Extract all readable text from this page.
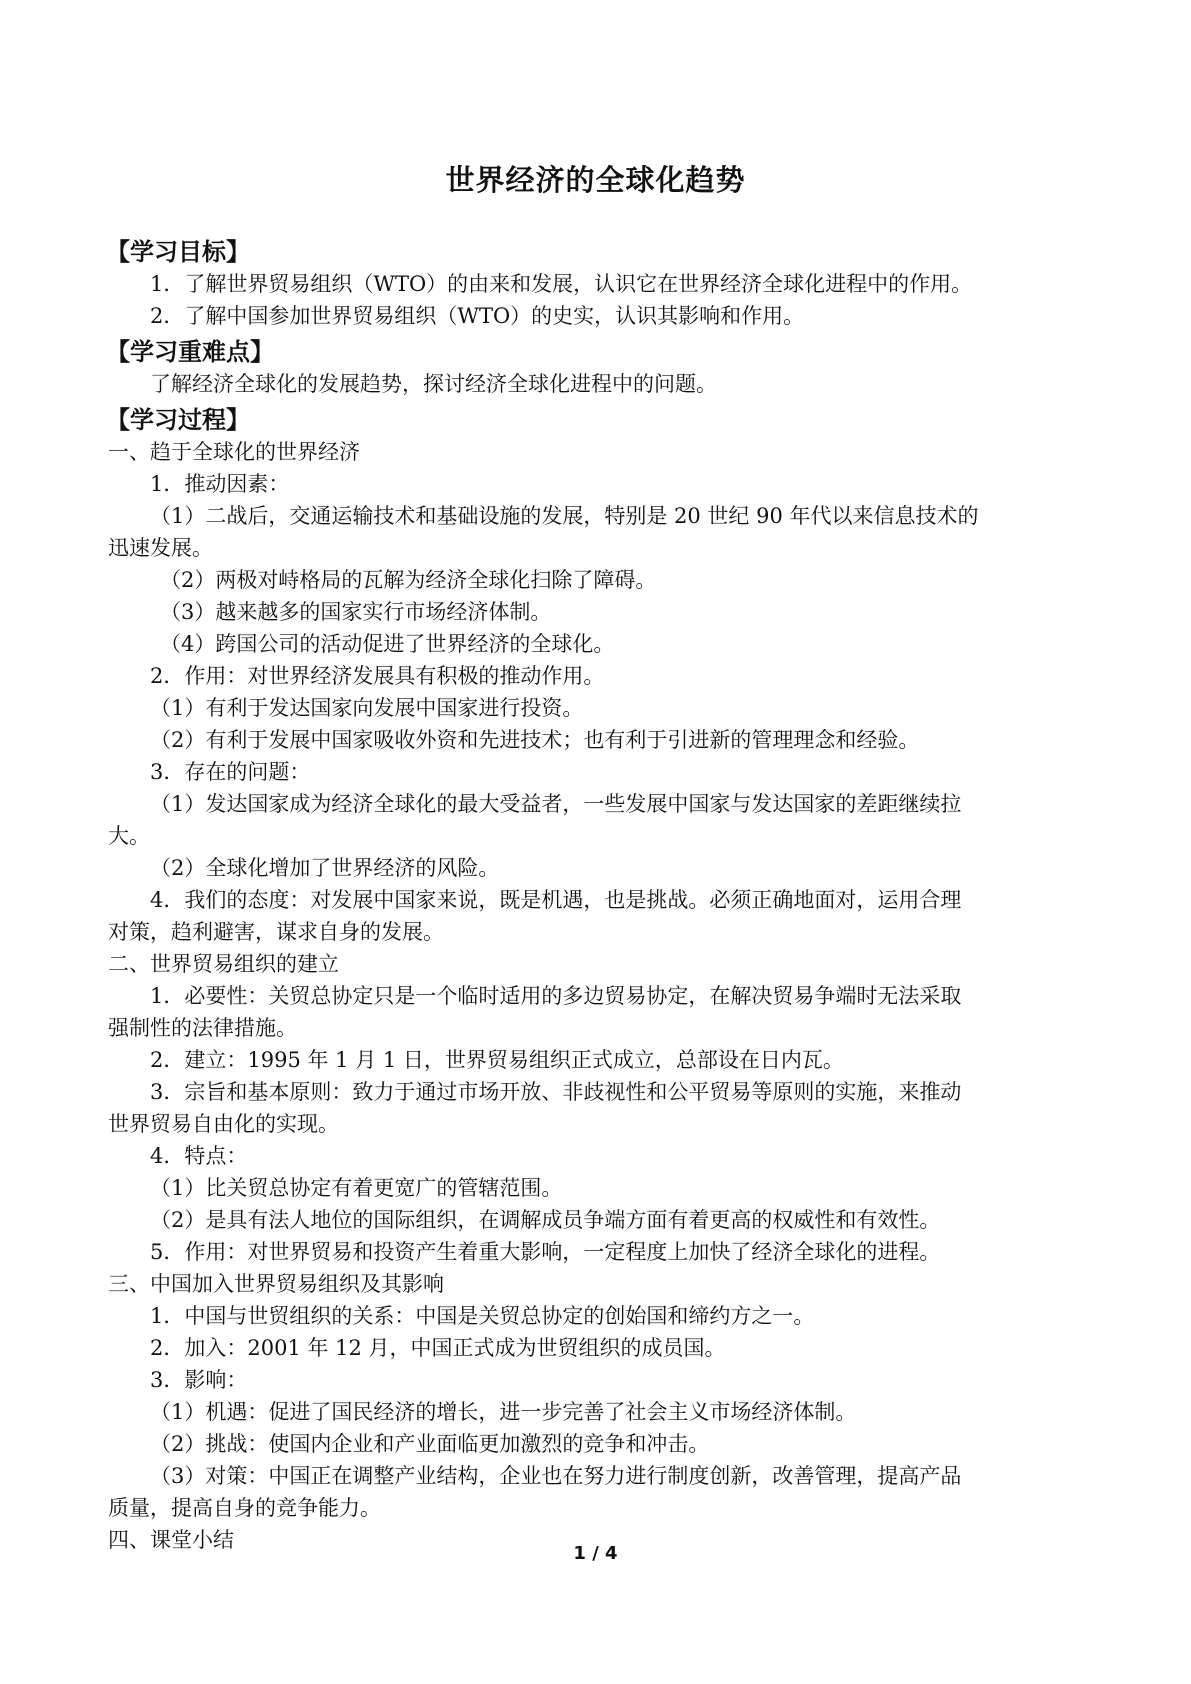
世界经济的全球化趋势
【学习目标】
1．了解世界贸易组织（WTO）的由来和发展，认识它在世界经济全球化进程中的作用。
2．了解中国参加世界贸易组织（WTO）的史实，认识其影响和作用。
【学习重难点】
了解经济全球化的发展趋势，探讨经济全球化进程中的问题。
【学习过程】
一、趋于全球化的世界经济
1．推动因素：
（1）二战后，交通运输技术和基础设施的发展，特别是 20 世纪 90 年代以来信息技术的
迅速发展。
（2）两极对峙格局的瓦解为经济全球化扫除了障碍。
（3）越来越多的国家实行市场经济体制。
（4）跨国公司的活动促进了世界经济的全球化。
2．作用：对世界经济发展具有积极的推动作用。
（1）有利于发达国家向发展中国家进行投资。
（2）有利于发展中国家吸收外资和先进技术；也有利于引进新的管理理念和经验。
3．存在的问题：
（1）发达国家成为经济全球化的最大受益者，一些发展中国家与发达国家的差距继续拉
大。
（2）全球化增加了世界经济的风险。
4．我们的态度：对发展中国家来说，既是机遇，也是挑战。必须正确地面对，运用合理
对策，趋利避害，谋求自身的发展。
二、世界贸易组织的建立
1．必要性：关贸总协定只是一个临时适用的多边贸易协定，在解决贸易争端时无法采取
强制性的法律措施。
2．建立：1995 年 1 月 1 日，世界贸易组织正式成立，总部设在日内瓦。
3．宗旨和基本原则：致力于通过市场开放、非歧视性和公平贸易等原则的实施，来推动
世界贸易自由化的实现。
4．特点：
（1）比关贸总协定有着更宽广的管辖范围。
（2）是具有法人地位的国际组织，在调解成员争端方面有着更高的权威性和有效性。
5．作用：对世界贸易和投资产生着重大影响，一定程度上加快了经济全球化的进程。
三、中国加入世界贸易组织及其影响
1．中国与世贸组织的关系：中国是关贸总协定的创始国和缔约方之一。
2．加入：2001 年 12 月，中国正式成为世贸组织的成员国。
3．影响：
（1）机遇：促进了国民经济的增长，进一步完善了社会主义市场经济体制。
（2）挑战：使国内企业和产业面临更加激烈的竞争和冲击。
（3）对策：中国正在调整产业结构，企业也在努力进行制度创新，改善管理，提高产品
质量，提高自身的竞争能力。
四、课堂小结
1 / 4
